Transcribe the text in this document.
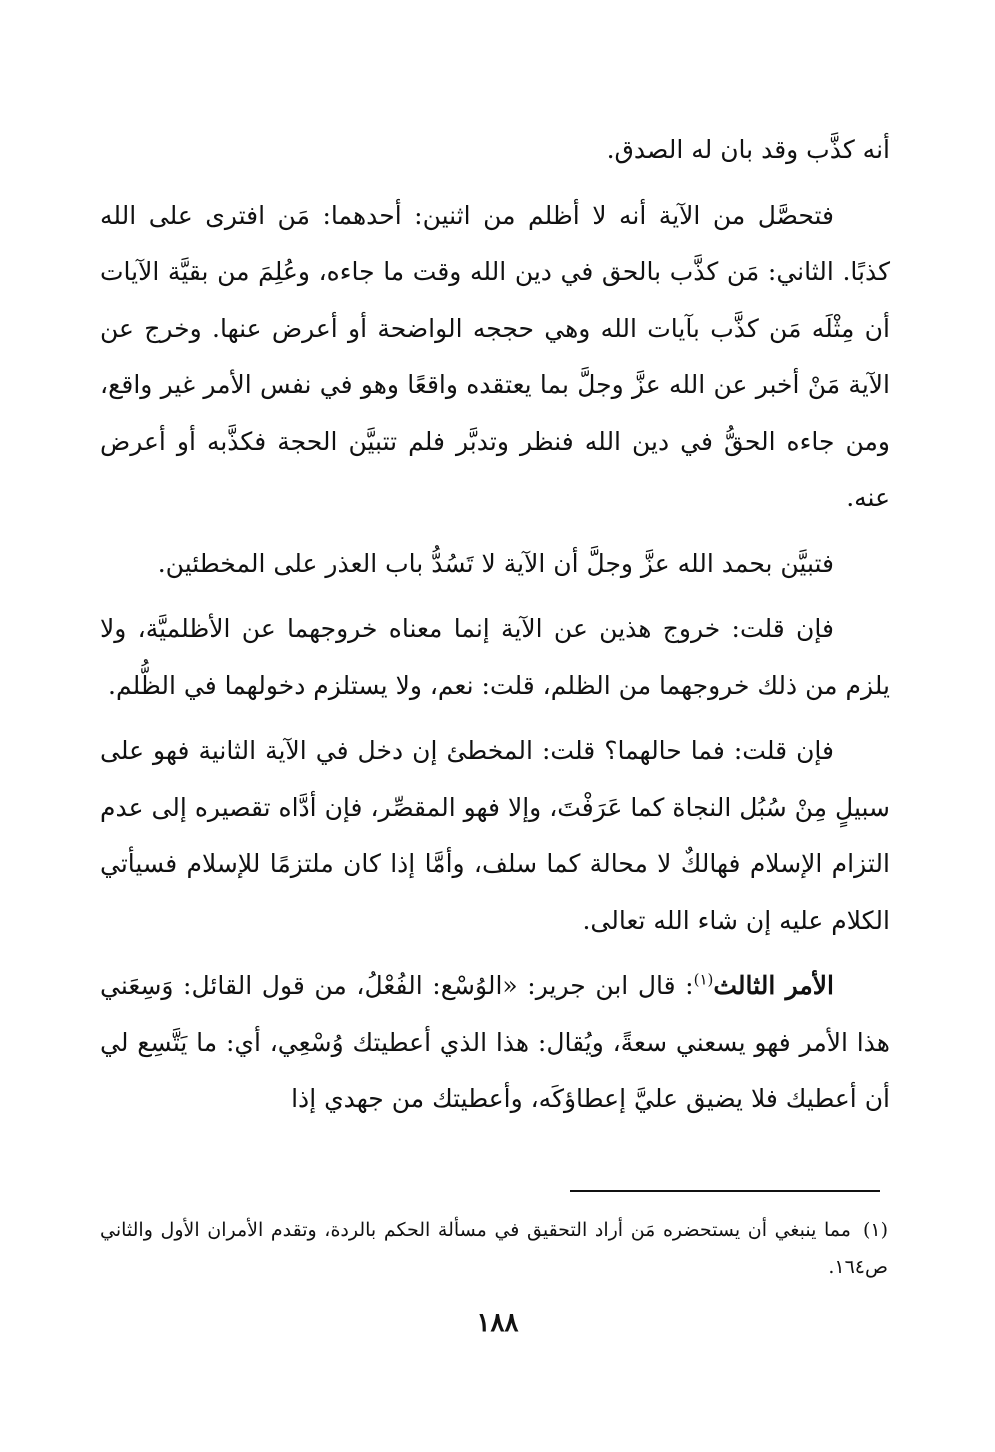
أنه كذَّب وقد بان له الصدق.

فتحصَّل من الآية أنه لا أظلم من اثنين: أحدهما: مَن افترى على الله كذبًا. الثاني: مَن كذَّب بالحق في دين الله وقت ما جاءه، وعُلِمَ من بقيَّة الآيات أن مِثْلَه مَن كذَّب بآيات الله وهي حججه الواضحة أو أعرض عنها. وخرج عن الآية مَنْ أخبر عن الله عزَّ وجلَّ بما يعتقده واقعًا وهو في نفس الأمر غير واقع، ومن جاءه الحقُّ في دين الله فنظر وتدبَّر فلم تتبيَّن الحجة فكذَّبه أو أعرض عنه.

فتبيَّن بحمد الله عزَّ وجلَّ أن الآية لا تَسُدُّ باب العذر على المخطئين.

فإن قلت: خروج هذين عن الآية إنما معناه خروجهما عن الأظلميَّة، ولا يلزم من ذلك خروجهما من الظلم، قلت: نعم، ولا يستلزم دخولهما في الظُّلم.

فإن قلت: فما حالهما؟ قلت: المخطئ إن دخل في الآية الثانية فهو على سبيلٍ مِنْ سُبُل النجاة كما عَرَفْتَ، وإلا فهو المقصِّر، فإن أدَّاه تقصيره إلى عدم التزام الإسلام فهالكٌ لا محالة كما سلف، وأمَّا إذا كان ملتزمًا للإسلام فسيأتي الكلام عليه إن شاء الله تعالى.

الأمر الثالث$^{(١)}$: قال ابن جرير: «الوُسْع: الفُعْلُ، من قول القائل: وَسِعَني هذا الأمر فهو يسعني سعةً، ويُقال: هذا الذي أعطيتك وُسْعِي، أي: ما يَتَّسِع لي أن أعطيك فلا يضيق عليَّ إعطاؤكَه، وأعطيتك من جهدي إذا

(١)مما ينبغي أن يستحضره مَن أراد التحقيق في مسألة الحكم بالردة، وتقدم الأمران الأول والثاني ص١٦٤.
١٨٨
